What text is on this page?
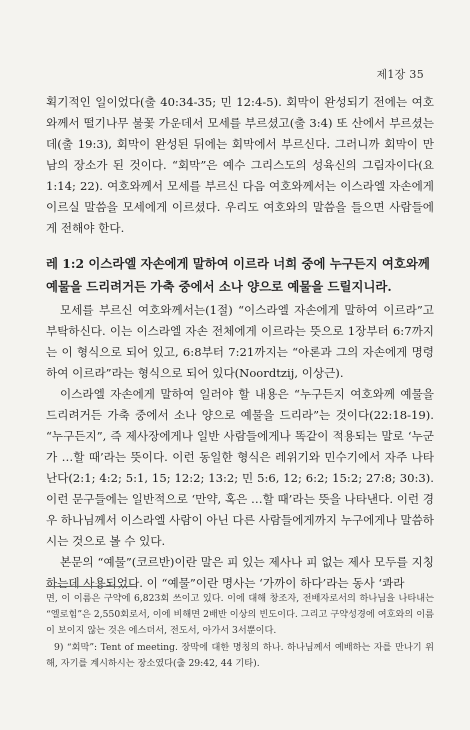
제1장 35

획기적인 일이었다(출 40:34-35; 민 12:4-5). 회막이 완성되기 전에는 여호와께서 떨기나무 불꽃 가운데서 모세를 부르셨고(출 3:4) 또 산에서 부르셨는데(출 19:3), 회막이 완성된 뒤에는 회막에서 부르신다. 그러니까 회막이 만남의 장소가 된 것이다. “회막”은 예수 그리스도의 성육신의 그림자이다(요 1:14; 22). 여호와께서 모세를 부르신 다음 여호와께서는 이스라엘 자손에게 이르실 말씀을 모세에게 이르셨다. 우리도 여호와의 말씀을 들으면 사람들에게 전해야 한다.

레 1:2 이스라엘 자손에게 말하여 이르라 너희 중에 누구든지 여호와께 예물을 드리려거든 가축 중에서 소나 양으로 예물을 드릴지니라.

모세를 부르신 여호와께서는(1절) “이스라엘 자손에게 말하여 이르라”고 부탁하신다. 이는 이스라엘 자손 전체에게 이르라는 뜻으로 1장부터 6:7까지는 이 형식으로 되어 있고, 6:8부터 7:21까지는 “아론과 그의 자손에게 명령하여 이르라”라는 형식으로 되어 있다(Noordtzij, 이상근).

이스라엘 자손에게 말하여 일러야 할 내용은 “누구든지 여호와께 예물을 드리려거든 가축 중에서 소나 양으로 예물을 드리라”는 것이다(22:18-19). “누구든지”, 즉 제사장에게나 일반 사람들에게나 똑같이 적용되는 말로 ‘누군가 …할 때’라는 뜻이다. 이런 동일한 형식은 레위기와 민수기에서 자주 나타난다(2:1; 4:2; 5:1, 15; 12:2; 13:2; 민 5:6, 12; 6:2; 15:2; 27:8; 30:3). 이런 문구들에는 일반적으로 ‘만약, 혹은 …할 때’라는 뜻을 나타낸다. 이런 경우 하나님께서 이스라엘 사람이 아닌 다른 사람들에게까지 누구에게나 말씀하시는 것으로 볼 수 있다.

본문의 “예물”(코르반)이란 말은 피 있는 제사나 피 없는 제사 모두를 지칭하는데 사용되었다. 이 “예물”이란 명사는 ‘가까이 하다’라는 동사 ‘콰라

면, 이 이름은 구약에 6,823회 쓰이고 있다. 이에 대해 창조자, 전배자로서의 하나님을 나타내는 “엘로힘”은 2,550회로서, 이에 비해면 2배반 이상의 빈도이다. 그리고 구약성경에 여호와의 이름이 보이지 않는 것은 에스더서, 전도서, 아가서 3서뿐이다.

9) “회막”: Tent of meeting. 장막에 대한 명칭의 하나. 하나님께서 예배하는 자를 만나기 위해, 자기를 계시하시는 장소였다(출 29:42, 44 기타).
